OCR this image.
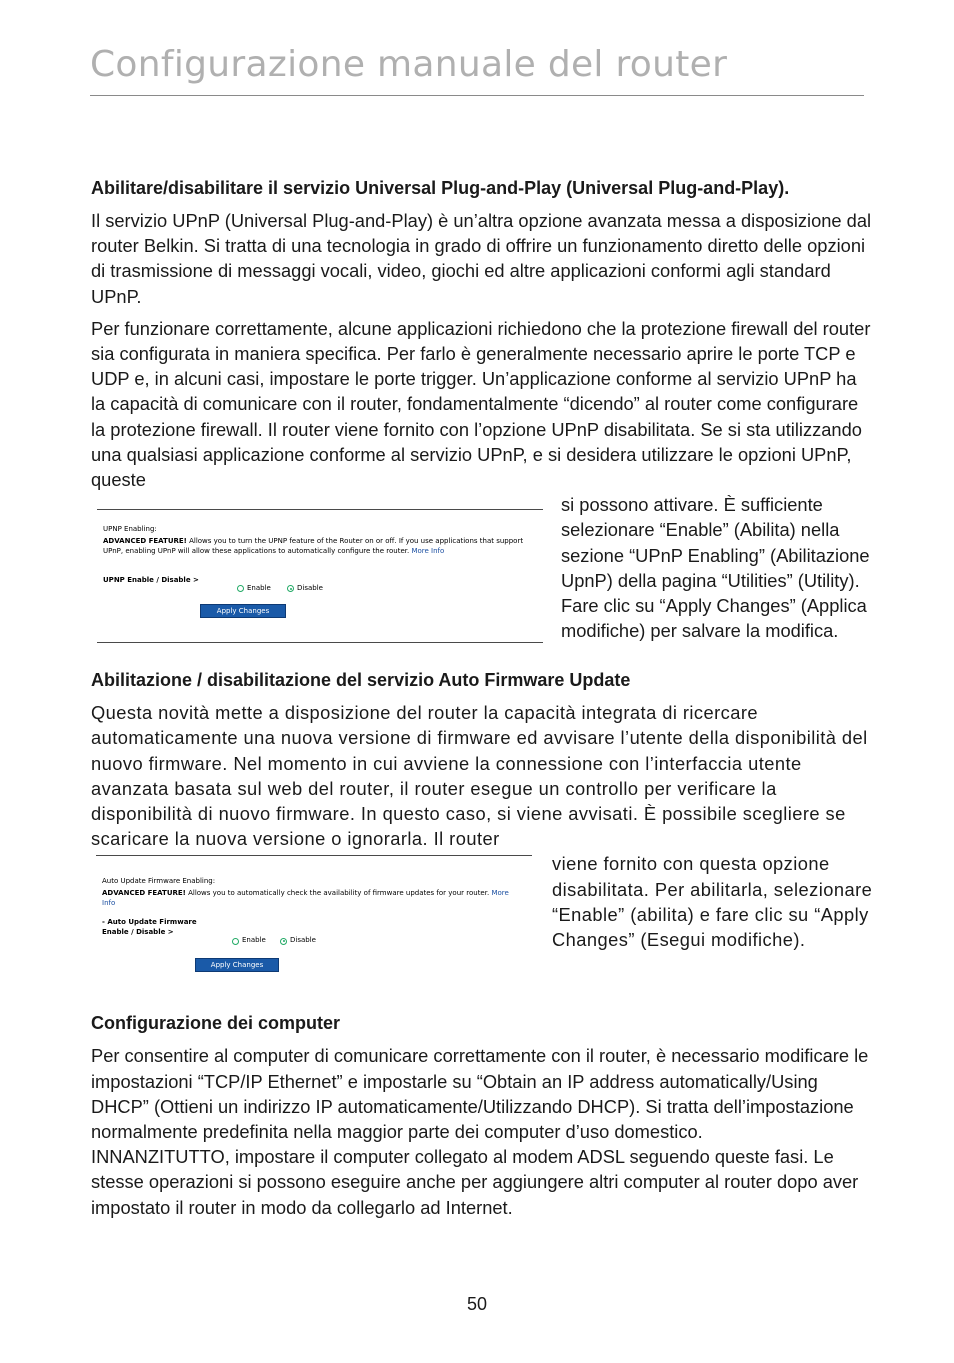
Configurazione manuale del router

Abilitare/disabilitare il servizio Universal Plug-and-Play (Universal Plug-and-Play).

Il servizio UPnP (Universal Plug-and-Play) è un’altra opzione avanzata messa a disposizione dal router Belkin. Si tratta di una tecnologia in grado di offrire un funzionamento diretto delle opzioni di trasmissione di messaggi vocali, video, giochi ed altre applicazioni conformi agli standard UPnP.

Per funzionare correttamente, alcune applicazioni richiedono che la protezione firewall del router sia configurata in maniera specifica. Per farlo è generalmente necessario aprire le porte TCP e UDP e, in alcuni casi, impostare le porte trigger. Un’applicazione conforme al servizio UPnP ha la capacità di comunicare con il router, fondamentalmente “dicendo” al router come configurare la protezione firewall. Il router viene fornito con l’opzione UPnP disabilitata. Se si sta utilizzando una qualsiasi applicazione conforme al servizio UPnP, e si desidera utilizzare le opzioni UPnP, queste

UPNP Enabling:
ADVANCED FEATURE! Allows you to turn the UPNP feature of the Router on or off. If you use applications that support UPnP, enabling UPnP will allow these applications to automatically configure the router. More Info
UPNP Enable / Disable >
Enable	Disable
Apply Changes

si possono attivare. È sufficiente selezionare “Enable” (Abilita) nella sezione “UPnP Enabling” (Abilitazione UpnP) della pagina “Utilities” (Utility). Fare clic su “Apply Changes” (Applica modifiche) per salvare la modifica.

Abilitazione / disabilitazione del servizio Auto Firmware Update

Questa novità mette a disposizione del router la capacità integrata di ricercare automaticamente una nuova versione di firmware ed avvisare l’utente della disponibilità del nuovo firmware. Nel momento in cui avviene la connessione con l’interfaccia utente avanzata basata sul web del router, il router esegue un controllo per verificare la disponibilità di nuovo firmware. In questo caso, si viene avvisati. È possibile scegliere se scaricare la nuova versione o ignorarla. Il router

Auto Update Firmware Enabling:
ADVANCED FEATURE! Allows you to automatically check the availability of firmware updates for your router. More Info
- Auto Update Firmware Enable / Disable >
Enable	Disable
Apply Changes

viene fornito con questa opzione disabilitata. Per abilitarla, selezionare “Enable” (abilita) e fare clic su “Apply Changes” (Esegui modifiche).

Configurazione dei computer

Per consentire al computer di comunicare correttamente con il router, è necessario modificare le impostazioni “TCP/IP Ethernet” e impostarle su “Obtain an IP address automatically/Using DHCP” (Ottieni un indirizzo IP automaticamente/Utilizzando DHCP). Si tratta dell’impostazione normalmente predefinita nella maggior parte dei computer d’uso domestico.

INNANZITUTTO, impostare il computer collegato al modem ADSL seguendo queste fasi. Le stesse operazioni si possono eseguire anche per aggiungere altri computer al router dopo aver impostato il router in modo da collegarlo ad Internet.

50
